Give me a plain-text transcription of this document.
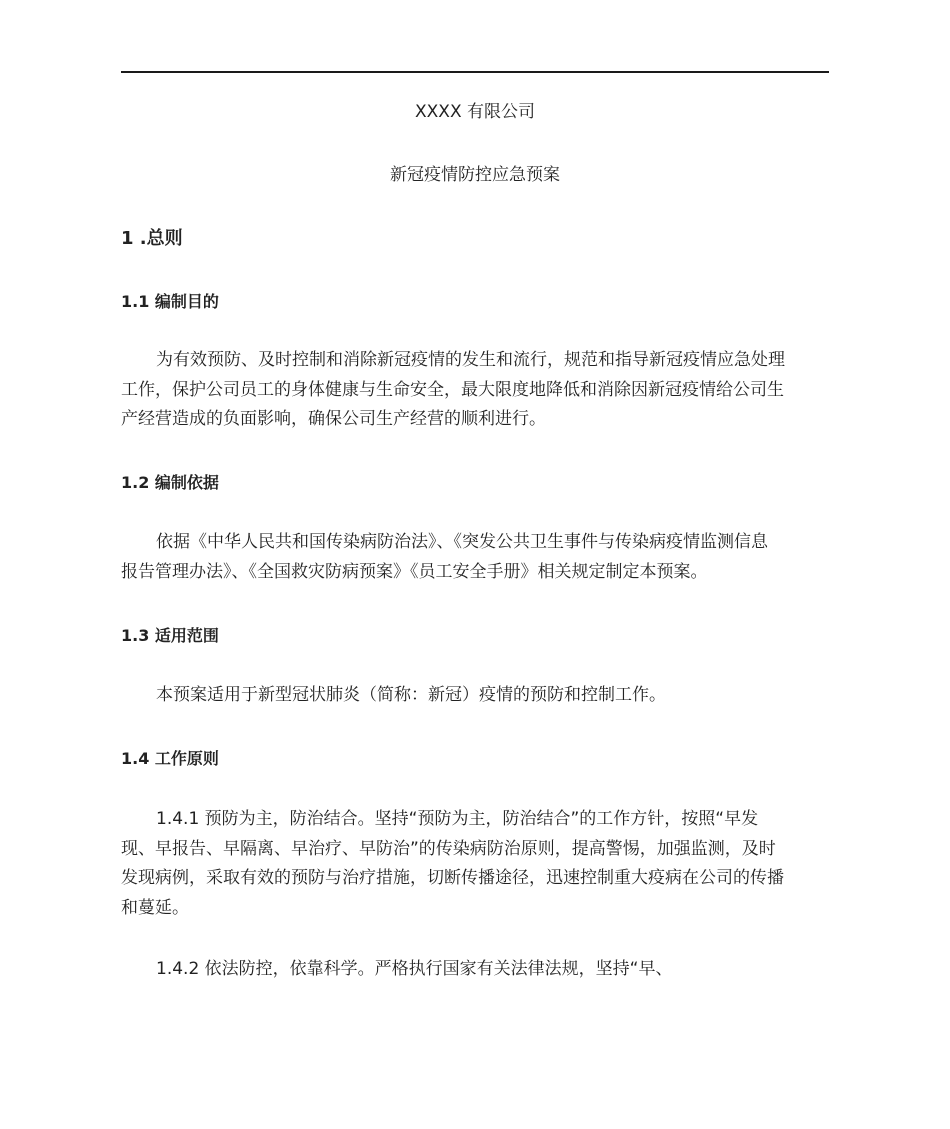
XXXX 有限公司
新冠疫情防控应急预案
1 .总则
1.1 编制目的
为有效预防、及时控制和消除新冠疫情的发生和流行，规范和指导新冠疫情应急处理
工作，保护公司员工的身体健康与生命安全，最大限度地降低和消除因新冠疫情给公司生
产经营造成的负面影响，确保公司生产经营的顺利进行。
1.2 编制依据
依据《中华人民共和国传染病防治法》、《突发公共卫生事件与传染病疫情监测信息
报告管理办法》、《全国救灾防病预案》《员工安全手册》相关规定制定本预案。
1.3 适用范围
本预案适用于新型冠状肺炎（简称：新冠）疫情的预防和控制工作。
1.4 工作原则
1.4.1 预防为主，防治结合。坚持“预防为主，防治结合”的工作方针，按照“早发
现、早报告、早隔离、早治疗、早防治”的传染病防治原则，提高警惕，加强监测，及时
发现病例，采取有效的预防与治疗措施，切断传播途径，迅速控制重大疫病在公司的传播
和蔓延。
1.4.2 依法防控，依靠科学。严格执行国家有关法律法规，坚持“早、
